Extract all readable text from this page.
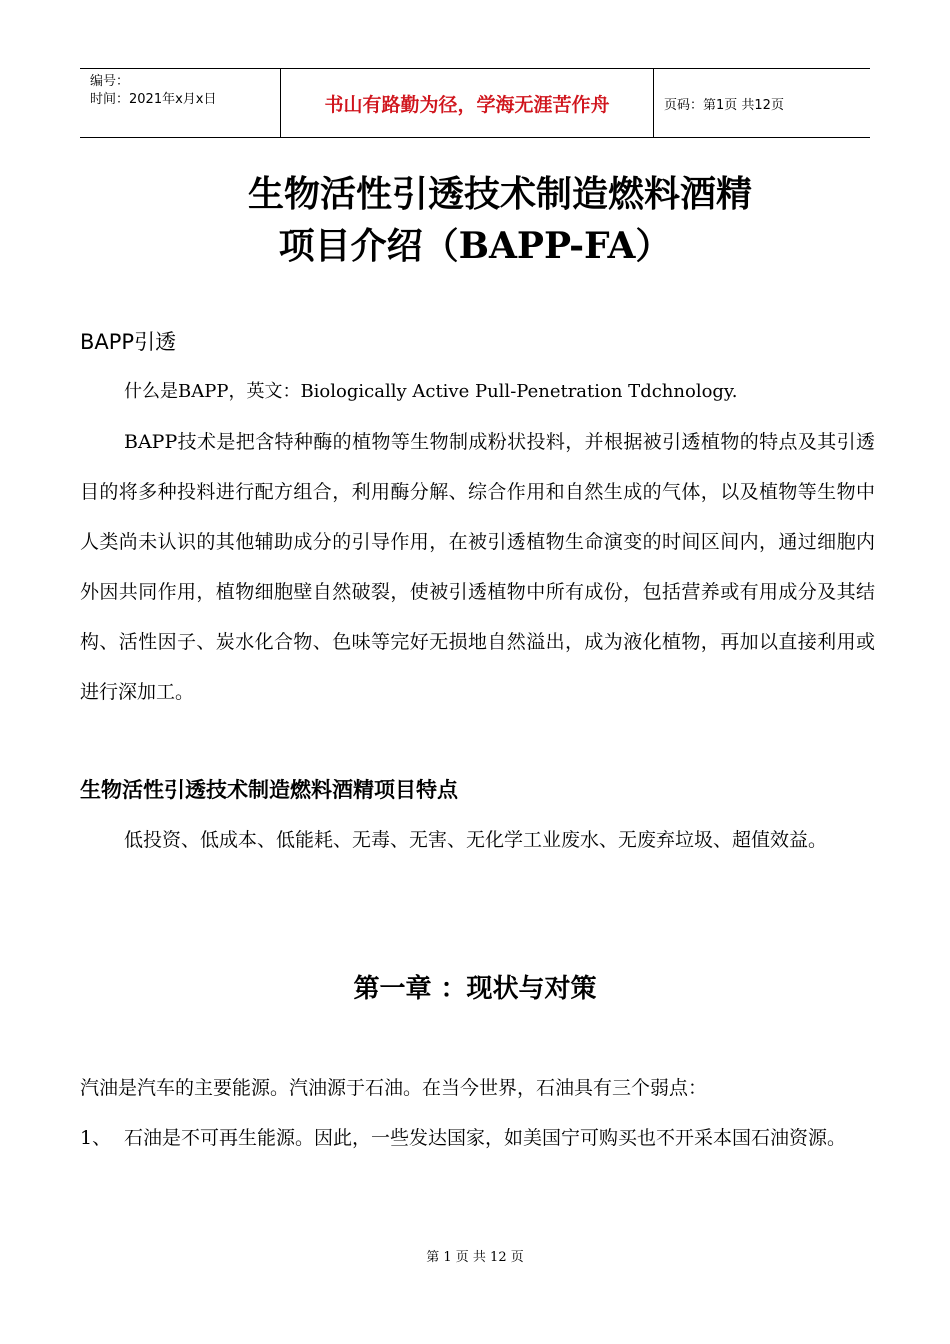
编号：
时间：2021年x月x日	书山有路勤为径，学海无涯苦作舟	页码：第1页 共12页
生物活性引透技术制造燃料酒精
项目介绍（BAPP-FA）
BAPP引透

什么是BAPP，英文：Biologically Active Pull-Penetration Tdchnology.

BAPP技术是把含特种酶的植物等生物制成粉状投料，并根据被引透植物的特点及其引透目的将多种投料进行配方组合，利用酶分解、综合作用和自然生成的气体，以及植物等生物中人类尚未认识的其他辅助成分的引导作用，在被引透植物生命演变的时间区间内，通过细胞内外因共同作用，植物细胞壁自然破裂，使被引透植物中所有成份，包括营养或有用成分及其结构、活性因子、炭水化合物、色味等完好无损地自然溢出，成为液化植物，再加以直接利用或进行深加工。

生物活性引透技术制造燃料酒精项目特点

低投资、低成本、低能耗、无毒、无害、无化学工业废水、无废弃垃圾、超值效益。

第一章 ：现状与对策

汽油是汽车的主要能源。汽油源于石油。在当今世界，石油具有三个弱点：

1、 石油是不可再生能源。因此，一些发达国家，如美国宁可购买也不开采本国石油资源。

第 1 页 共 12 页
